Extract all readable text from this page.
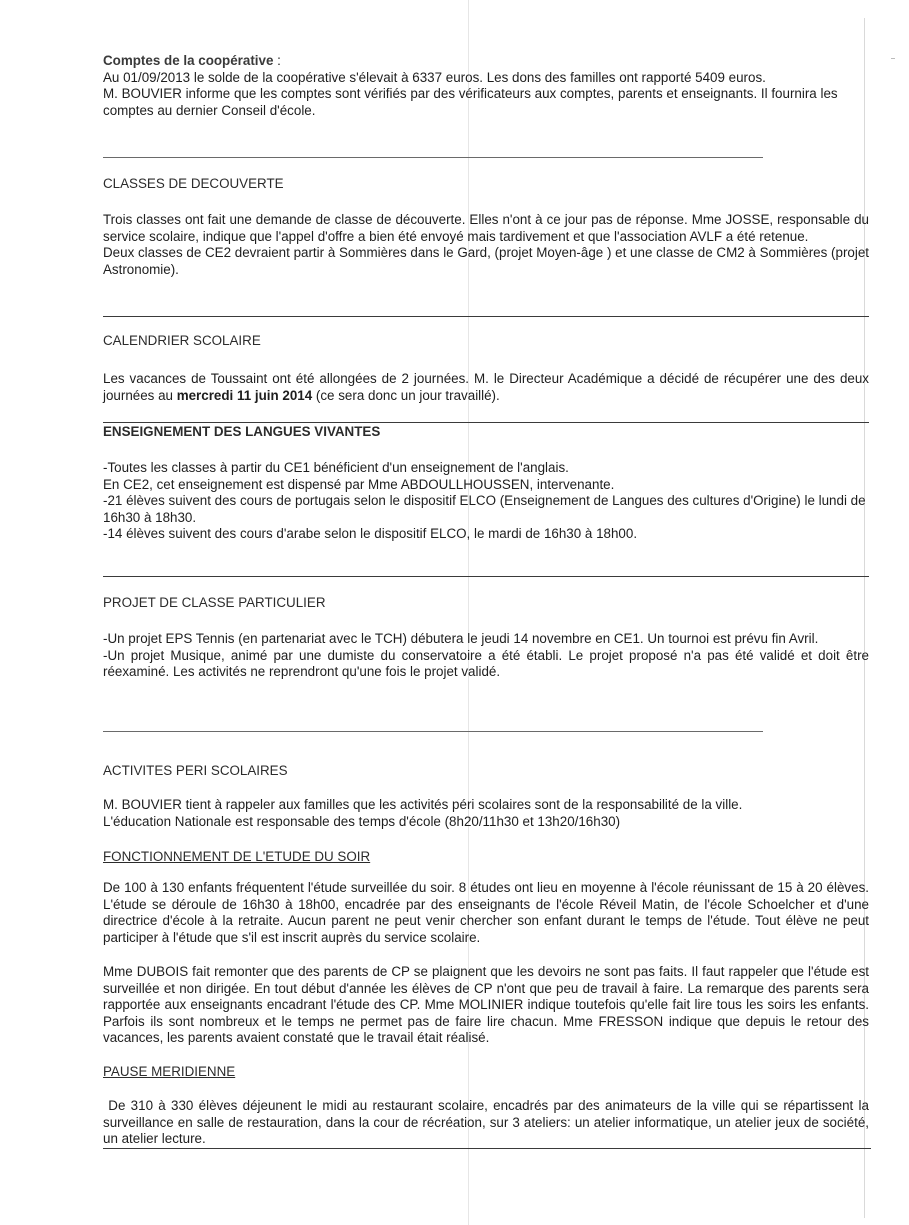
Comptes de la coopérative :

Au 01/09/2013 le solde de la coopérative s'élevait à 6337 euros. Les dons des familles ont rapporté 5409 euros.

M. BOUVIER informe que les comptes sont vérifiés par des vérificateurs aux comptes, parents et enseignants. Il fournira les comptes au dernier Conseil d'école.

CLASSES DE DECOUVERTE

Trois classes ont fait une demande de classe de découverte. Elles n'ont à ce jour pas de réponse. Mme JOSSE, responsable du service scolaire, indique que l'appel d'offre a bien été envoyé mais tardivement et que l'association AVLF a été retenue.

Deux classes de CE2 devraient partir à Sommières dans le Gard, (projet Moyen-âge ) et une classe de CM2 à Sommières (projet Astronomie).

CALENDRIER SCOLAIRE

Les vacances de Toussaint ont été allongées de 2 journées. M. le Directeur Académique a décidé de récupérer une des deux journées au mercredi 11 juin 2014 (ce sera donc un jour travaillé).

ENSEIGNEMENT DES LANGUES VIVANTES

-Toutes les classes à partir du CE1 bénéficient d'un enseignement de l'anglais.

En CE2, cet enseignement est dispensé par Mme ABDOULLHOUSSEN, intervenante.

-21 élèves suivent des cours de portugais selon le dispositif ELCO (Enseignement de Langues des cultures d'Origine) le lundi de 16h30 à 18h30.

-14 élèves suivent des cours d'arabe selon le dispositif ELCO, le mardi de 16h30 à 18h00.

PROJET DE CLASSE PARTICULIER

-Un projet EPS Tennis (en partenariat avec le TCH) débutera le jeudi 14 novembre en CE1. Un tournoi est prévu fin Avril.

-Un projet Musique, animé par une dumiste du conservatoire a été établi. Le projet proposé n'a pas été validé et doit être réexaminé. Les activités ne reprendront qu'une fois le projet validé.

ACTIVITES PERI SCOLAIRES

M. BOUVIER tient à rappeler aux familles que les activités péri scolaires sont de la responsabilité de la ville.

L'éducation Nationale est responsable des temps d'école (8h20/11h30 et 13h20/16h30)

FONCTIONNEMENT DE L'ETUDE DU SOIR

De 100 à 130 enfants fréquentent l'étude surveillée du soir. 8 études ont lieu en moyenne à l'école réunissant de 15 à 20 élèves. L'étude se déroule de 16h30 à 18h00, encadrée par des enseignants de l'école Réveil Matin, de l'école Schoelcher et d'une directrice d'école à la retraite. Aucun parent ne peut venir chercher son enfant durant le temps de l'étude. Tout élève ne peut participer à l'étude que s'il est inscrit auprès du service scolaire.

Mme DUBOIS fait remonter que des parents de CP se plaignent que les devoirs ne sont pas faits. Il faut rappeler que l'étude est surveillée et non dirigée. En tout début d'année les élèves de CP n'ont que peu de travail à faire. La remarque des parents sera rapportée aux enseignants encadrant l'étude des CP. Mme MOLINIER indique toutefois qu'elle fait lire tous les soirs les enfants. Parfois ils sont nombreux et le temps ne permet pas de faire lire chacun. Mme FRESSON indique que depuis le retour des vacances, les parents avaient constaté que le travail était réalisé.

PAUSE MERIDIENNE

De 310 à 330 élèves déjeunent le midi au restaurant scolaire, encadrés par des animateurs de la ville qui se répartissent la surveillance en salle de restauration, dans la cour de récréation, sur 3 ateliers: un atelier informatique, un atelier jeux de société, un atelier lecture.
